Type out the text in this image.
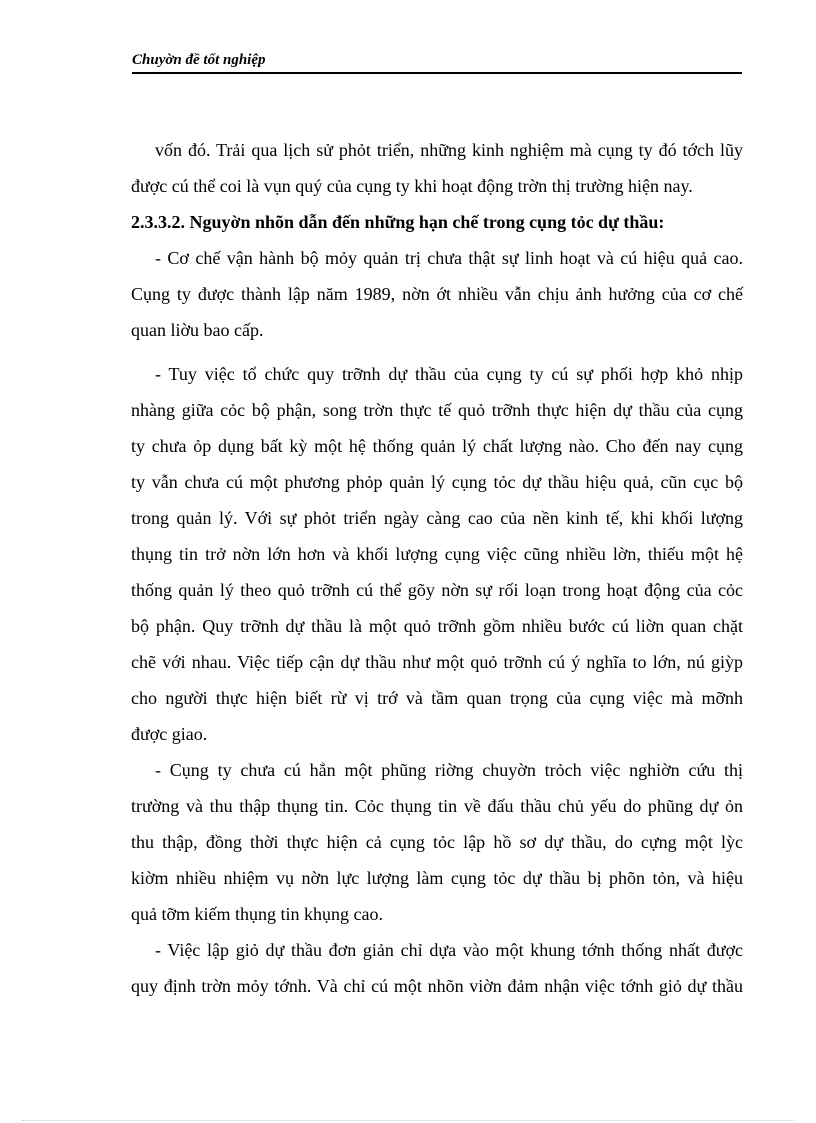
Chuyờn đề tốt nghiệp
vốn đó. Trải qua lịch sử phỏt triển, những kinh nghiệm mà cụng ty đó tớch lũy
được cú thể coi là vụn quý của cụng ty khi hoạt động trờn thị trường hiện nay.
2.3.3.2. Nguyờn nhõn dẫn đến những hạn chế trong cụng tỏc dự thầu:
- Cơ chế vận hành bộ mỏy quản trị chưa thật sự linh hoạt và cú hiệu quả cao.
Cụng ty được thành lập năm 1989, nờn ớt nhiều vẫn chịu ảnh hưởng của cơ chế
quan liờu bao cấp.
- Tuy việc tổ chức quy trỡnh dự thầu của cụng ty cú sự phối hợp khỏ nhịp
nhàng giữa cỏc bộ phận, song trờn thực tế quỏ trỡnh thực hiện dự thầu của cụng
ty chưa ỏp dụng bất kỳ một hệ thống quản lý chất lượng nào. Cho đến nay cụng
ty vẫn chưa cú một phương phỏp quản lý cụng tỏc dự thầu hiệu quả, cũn cục bộ
trong quản lý. Với sự phỏt triển ngày càng cao của nền kinh tế, khi khối lượng
thụng tin trở nờn lớn hơn và khối lượng cụng việc cũng nhiều lờn, thiếu một hệ
thống quản lý theo quỏ trỡnh cú thể gõy nờn sự rối loạn trong hoạt động của cỏc
bộ phận. Quy trỡnh dự thầu là một quỏ trỡnh gồm nhiều bước cú liờn quan chặt
chẽ với nhau. Việc tiếp cận dự thầu như một quỏ trỡnh cú ý nghĩa to lớn, nú giỳp
cho người thực hiện biết rừ vị trớ và tầm quan trọng của cụng việc mà mỡnh
được giao.
- Cụng ty chưa cú hẳn một phũng riờng chuyờn trỏch việc nghiờn cứu thị
trường và thu thập thụng tin. Cỏc thụng tin về đấu thầu chủ yếu do phũng dự ỏn
thu thập, đồng thời thực hiện cả cụng tỏc lập hồ sơ dự thầu, do cựng một lỳc
kiờm nhiều nhiệm vụ nờn lực lượng làm cụng tỏc dự thầu bị phõn tỏn, và hiệu
quả tỡm kiếm thụng tin khụng cao.
- Việc lập giỏ dự thầu đơn giản chỉ dựa vào một khung tớnh thống nhất được
quy định trờn mỏy tớnh. Và chỉ cú một nhõn viờn đảm nhận việc tớnh giỏ dự thầu
